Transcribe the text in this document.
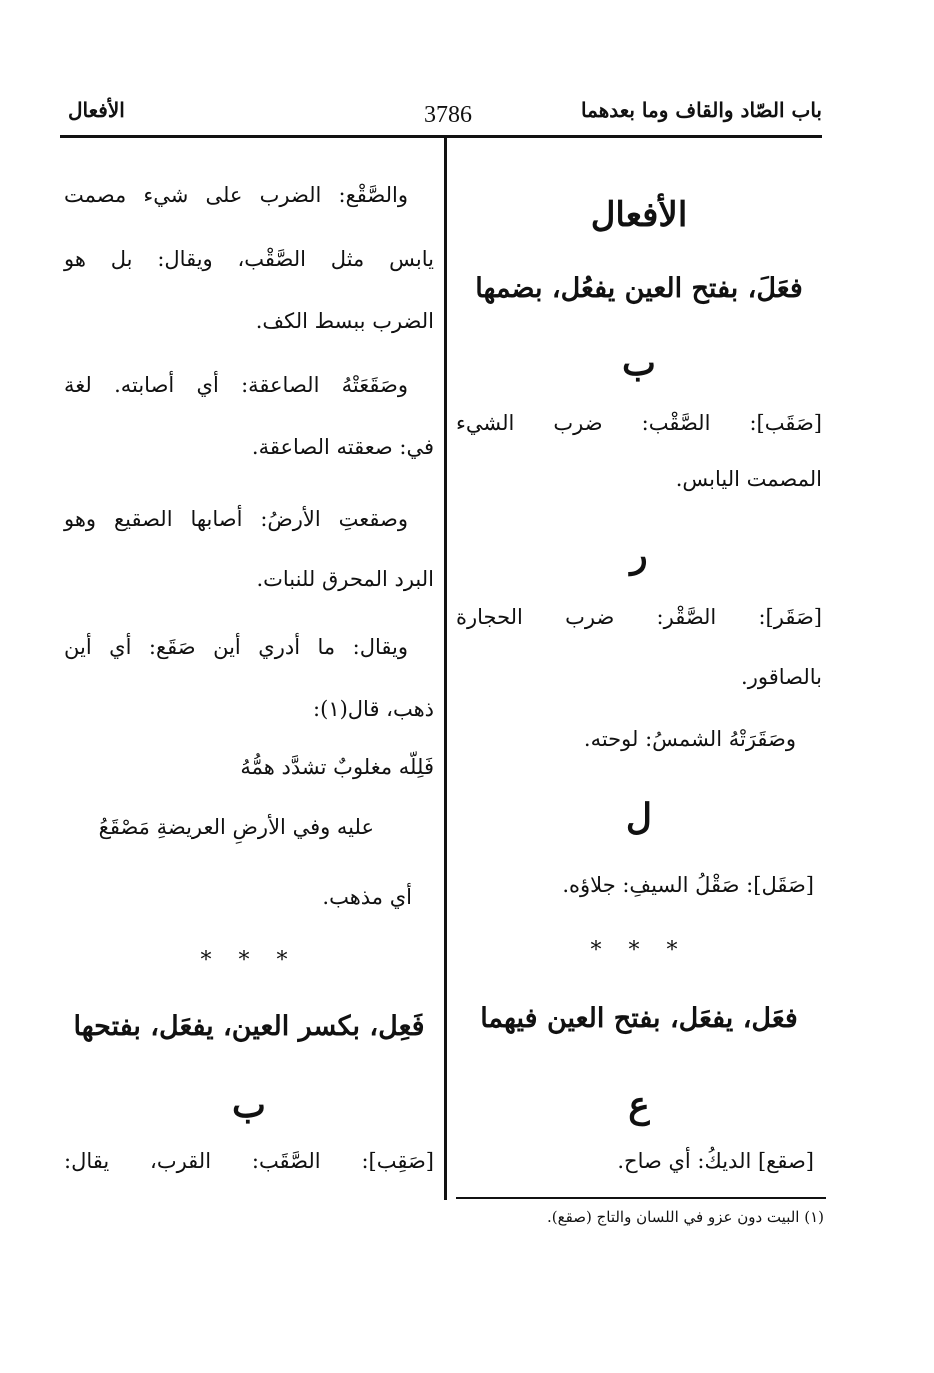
باب الصّاد والقاف وما بعدهما
3786
الأفعال
الأفعال
فعَلَ، بفتح العين يفعُل، بضمها
ب
[صَقَب]: الصَّقْب: ضرب الشيء
المصمت اليابس.
ر
[صَقَر]: الصَّقْر: ضرب الحجارة
بالصاقور.
وصَقَرَتْهُ الشمسُ: لوحته.
ل
[صَقَل]: صَقْلُ السيفِ: جلاؤه.
* * *
فعَل، يفعَل، بفتح العين فيهما
ع
[صقع] الديكُ: أي صاح.
والصَّقْع: الضرب على شيء مصمت
يابس مثل الصَّقْب، ويقال: بل هو
الضرب ببسط الكف.
وصَقَعَتْهُ الصاعقة: أي أصابته. لغة
في: صعقته الصاعقة.
وصقعتِ الأرضُ: أصابها الصقيع وهو
البرد المحرق للنبات.
ويقال: ما أدري أين صَقَع: أي أين
ذهب، قال(١):
فَلِلّه مغلوبٌ تشدَّد همُّهُ
عليه وفي الأرضِ العريضةِ مَصْقَعُ
أي مذهب.
* * *
فَعِل، بكسر العين، يفعَل، بفتحها
ب
[صَقِب]: الصَّقَب: القرب، يقال:
(١) البيت دون عزو في اللسان والتاج (صقع).
